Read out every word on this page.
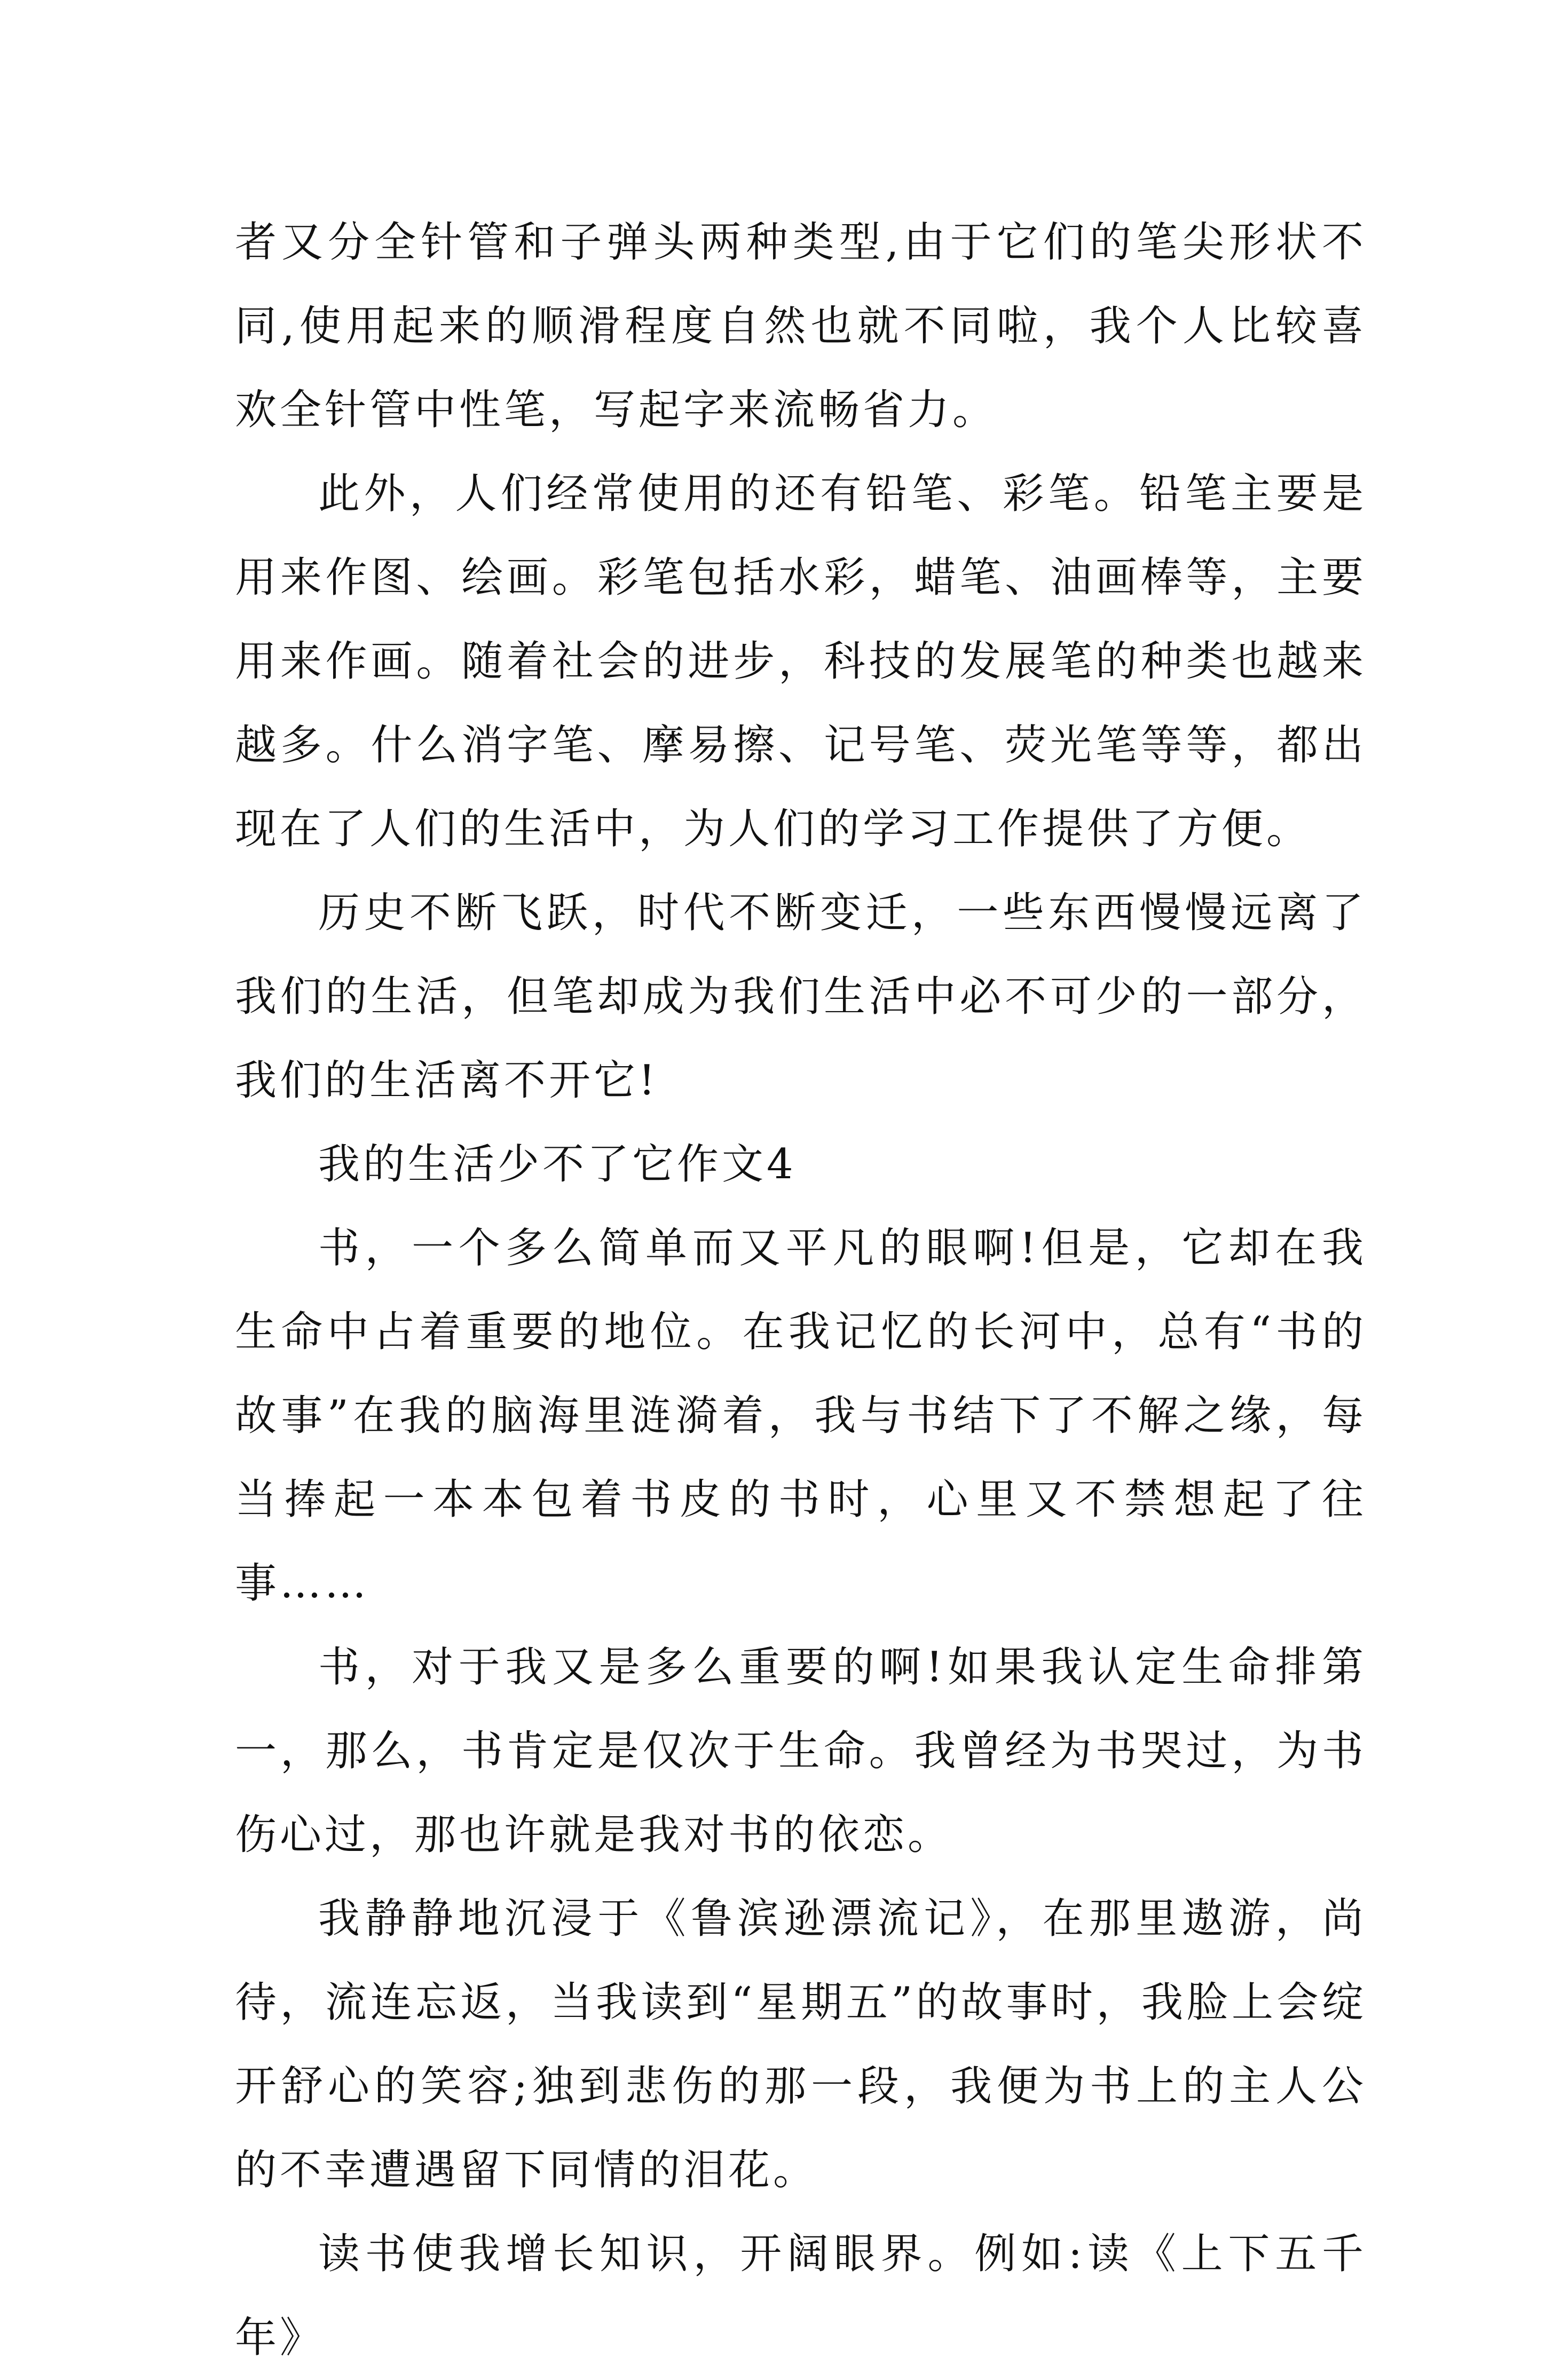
者又分全针管和子弹头两种类型,由于它们的笔尖形状不同,使用起来的顺滑程度自然也就不同啦，我个人比较喜欢全针管中性笔，写起字来流畅省力。

此外，人们经常使用的还有铅笔、彩笔。铅笔主要是用来作图、绘画。彩笔包括水彩，蜡笔、油画棒等，主要用来作画。随着社会的进步，科技的发展笔的种类也越来越多。什么消字笔、摩易擦、记号笔、荧光笔等等，都出现在了人们的生活中，为人们的学习工作提供了方便。

历史不断飞跃，时代不断变迁，一些东西慢慢远离了我们的生活，但笔却成为我们生活中必不可少的一部分，我们的生活离不开它!

我的生活少不了它作文4

书，一个多么简单而又平凡的眼啊!但是，它却在我生命中占着重要的地位。在我记忆的长河中，总有“书的故事”在我的脑海里涟漪着，我与书结下了不解之缘，每当捧起一本本包着书皮的书时，心里又不禁想起了往事……

书，对于我又是多么重要的啊!如果我认定生命排第一，那么，书肯定是仅次于生命。我曾经为书哭过，为书伤心过，那也许就是我对书的依恋。

我静静地沉浸于《鲁滨逊漂流记》，在那里遨游，尚待，流连忘返，当我读到“星期五”的故事时，我脸上会绽开舒心的笑容;独到悲伤的那一段，我便为书上的主人公的不幸遭遇留下同情的泪花。

读书使我增长知识，开阔眼界。例如:读《上下五千年》
